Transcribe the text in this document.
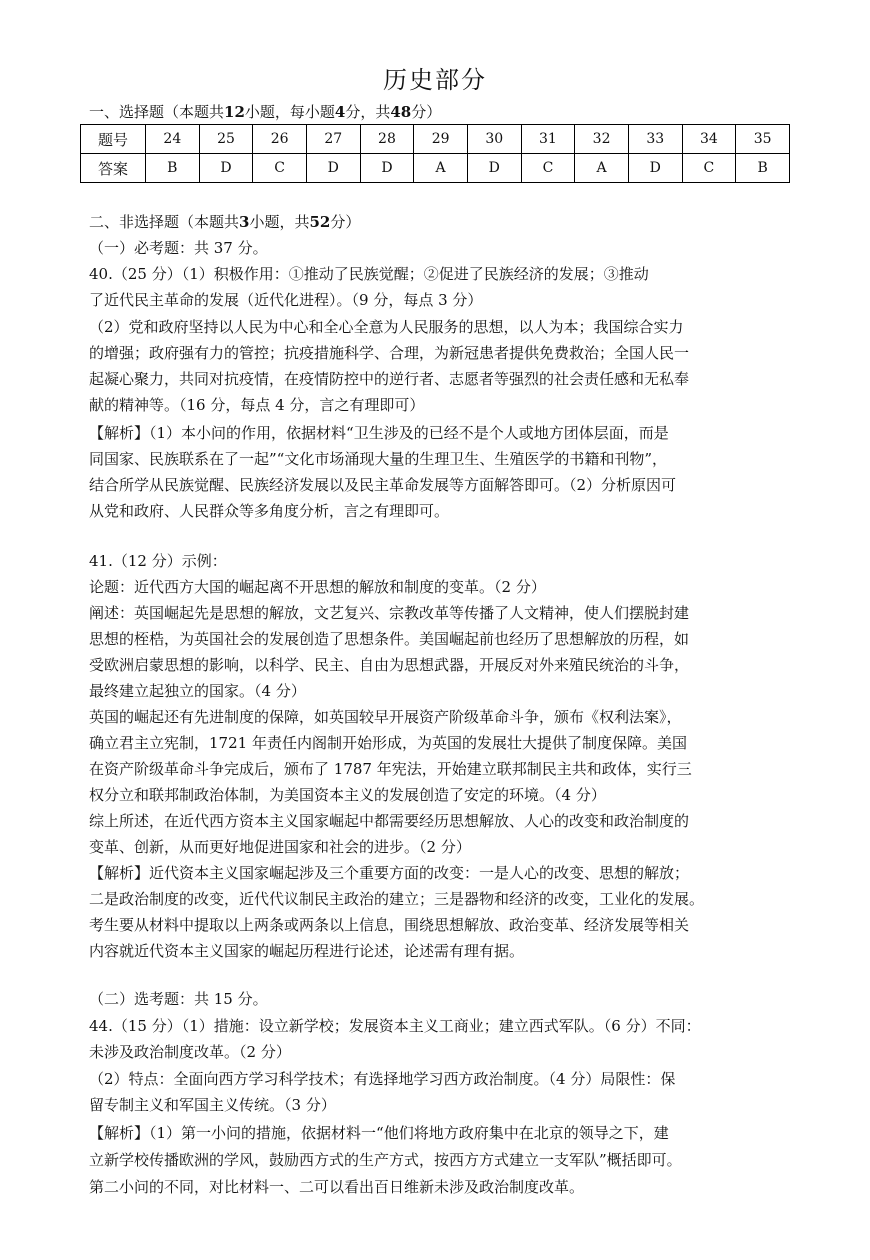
历史部分
一、选择题（本题共12小题，每小题4分，共48分）
题号	24	25	26	27	28	29	30	31	32	33	34	35
答案	B	D	C	D	D	A	D	C	A	D	C	B
二、非选择题（本题共3小题，共52分）
（一）必考题：共 37 分。
40.（25 分）（1）积极作用：①推动了民族觉醒；②促进了民族经济的发展；③推动
了近代民主革命的发展（近代化进程）。（9 分，每点 3 分）
（2）党和政府坚持以人民为中心和全心全意为人民服务的思想，以人为本；我国综合实力
的增强；政府强有力的管控；抗疫措施科学、合理，为新冠患者提供免费救治；全国人民一
起凝心聚力，共同对抗疫情，在疫情防控中的逆行者、志愿者等强烈的社会责任感和无私奉
献的精神等。（16 分，每点 4 分，言之有理即可）
【解析】（1）本小问的作用，依据材料“卫生涉及的已经不是个人或地方团体层面，而是
同国家、民族联系在了一起”“文化市场涌现大量的生理卫生、生殖医学的书籍和刊物”，
结合所学从民族觉醒、民族经济发展以及民主革命发展等方面解答即可。（2）分析原因可
从党和政府、人民群众等多角度分析，言之有理即可。
41.（12 分）示例：
论题：近代西方大国的崛起离不开思想的解放和制度的变革。（2 分）
阐述：英国崛起先是思想的解放，文艺复兴、宗教改革等传播了人文精神，使人们摆脱封建
思想的桎梏，为英国社会的发展创造了思想条件。美国崛起前也经历了思想解放的历程，如
受欧洲启蒙思想的影响，以科学、民主、自由为思想武器，开展反对外来殖民统治的斗争，
最终建立起独立的国家。（4 分）
英国的崛起还有先进制度的保障，如英国较早开展资产阶级革命斗争，颁布《权利法案》，
确立君主立宪制，1721 年责任内阁制开始形成，为英国的发展壮大提供了制度保障。美国
在资产阶级革命斗争完成后，颁布了 1787 年宪法，开始建立联邦制民主共和政体，实行三
权分立和联邦制政治体制，为美国资本主义的发展创造了安定的环境。（4 分）
综上所述，在近代西方资本主义国家崛起中都需要经历思想解放、人心的改变和政治制度的
变革、创新，从而更好地促进国家和社会的进步。（2 分）
【解析】近代资本主义国家崛起涉及三个重要方面的改变：一是人心的改变、思想的解放；
二是政治制度的改变，近代代议制民主政治的建立；三是器物和经济的改变，工业化的发展。
考生要从材料中提取以上两条或两条以上信息，围绕思想解放、政治变革、经济发展等相关
内容就近代资本主义国家的崛起历程进行论述，论述需有理有据。
（二）选考题：共 15 分。
44.（15 分）（1）措施：设立新学校；发展资本主义工商业；建立西式军队。（6 分）不同：
未涉及政治制度改革。（2 分）
（2）特点：全面向西方学习科学技术；有选择地学习西方政治制度。（4 分）局限性：保
留专制主义和军国主义传统。（3 分）
【解析】（1）第一小问的措施，依据材料一“他们将地方政府集中在北京的领导之下，建
立新学校传播欧洲的学风，鼓励西方式的生产方式，按西方方式建立一支军队”概括即可。
第二小问的不同，对比材料一、二可以看出百日维新未涉及政治制度改革。
